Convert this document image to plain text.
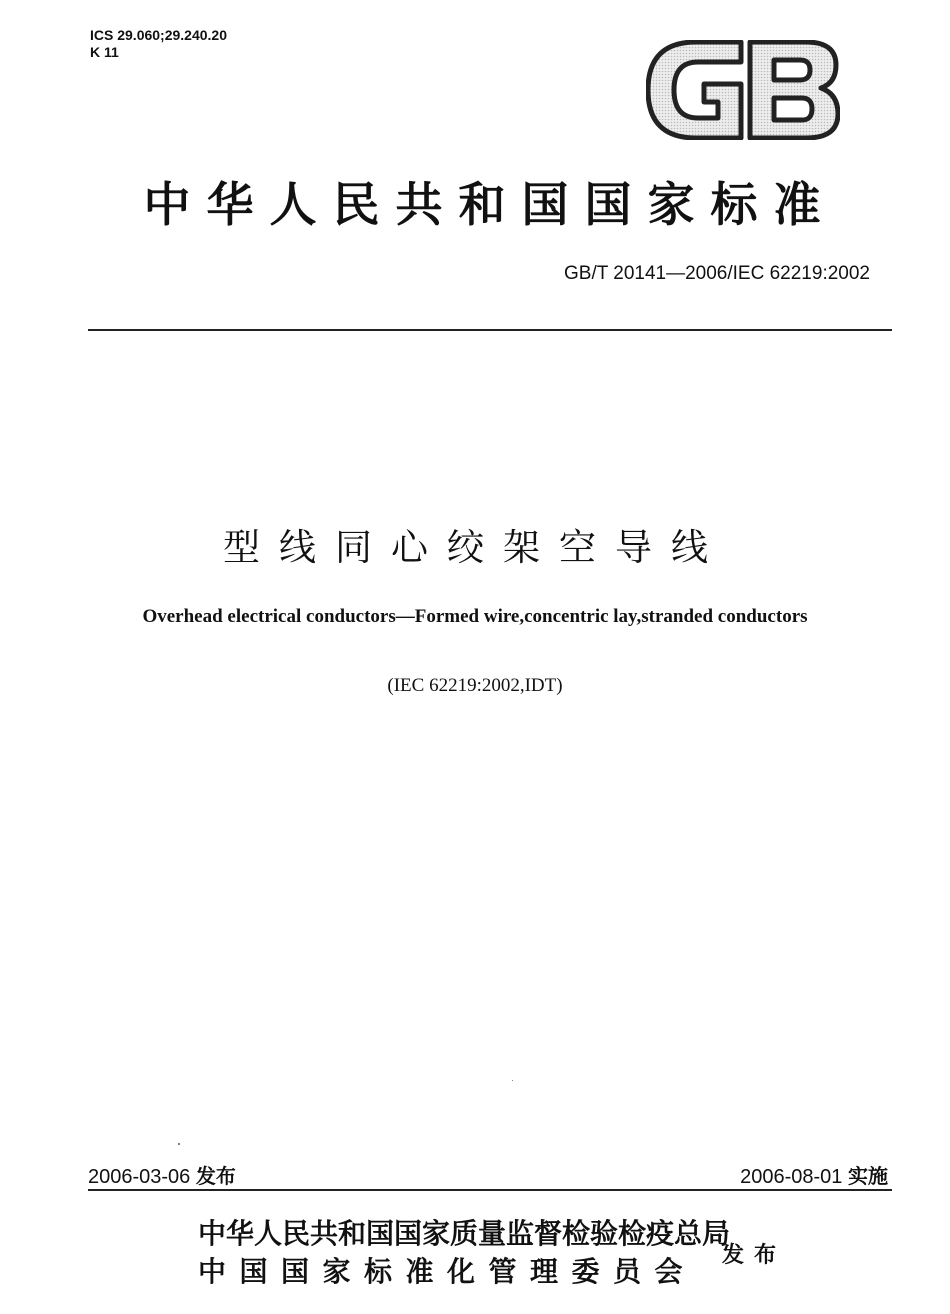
ICS 29.060;29.240.20
K 11
中华人民共和国国家标准
GB/T 20141—2006/IEC 62219:2002
型线同心绞架空导线
Overhead electrical conductors—Formed wire,concentric lay,stranded conductors
(IEC 62219:2002,IDT)
2006-03-06 发布	2006-08-01 实施
中华人民共和国国家质量监督检验检疫总局
中国国家标准化管理委员会 发布
